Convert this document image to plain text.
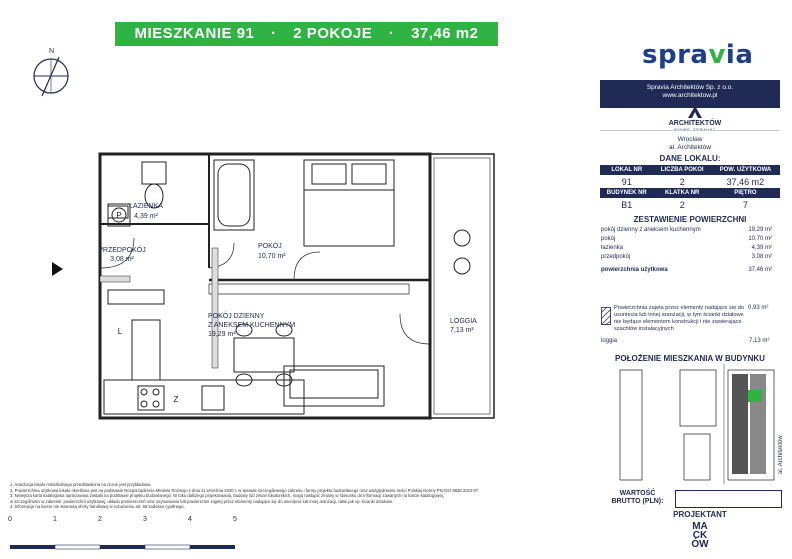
MIESZKANIE 91 · 2 POKOJE · 37,46 m2
N	spravia
Spravia Architektów Sp. z o.o.
www.architektow.pl
ARCHITEKTÓW
Wrocław
al. Architektów
DANE LOKALU:
LOKAL NR	LICZBA POKOI	POW. UŻYTKOWA
91	2	37,46 m2
BUDYNEK NR	KLATKA NR	PIĘTRO
B1	2	7
ZESTAWIENIE POWIERZCHNI
pokój dzienny z aneksem kuchennym	19,29 m²
pokój	10,70 m²
łazienka	4,39 m²
przedpokój	3,08 m²
powierzchnia użytkowa	37,46 m²
Powierzchnia zajęta przez elementy nadające się do usunięcia lub innej aranżacji, w tym ścianki działowe nie będące elementem konstrukcji i nie zawierające szachtów instalacyjnych
0,93 m²
loggia	7,13 m²
POŁOŻENIE MIESZKANIA W BUDYNKU
al. Architektów
WARTOŚĆ
BRUTTO (PLN):
PROJEKTANT
MA
CK
ÓW
ŁAZIENKA
4,39 m²
PRZEDPOKÓJ
3,08 m²
POKÓJ
10,70 m²
POKÓJ DZIENNY
Z ANEKSEM KUCHENNYM
19,29 m²
LOGGIA
7,13 m²
P
L
Z
1. Aranżacja lokalu mieszkalnego przedstawiona na rzucie jest przykładowa.
2. Powierzchnia użytkowa lokalu określona jest na podstawie Rozporządzenia Ministra Rozwoju z dnia 11 września 2020 r. w sprawie szczegółowego zakresu i formy projektu budowlanego oraz uwzględnieniu treści Polskiej Normy PN-ISO 9836:2022-07.
3. Niniejsza karta katalogowa opracowana została na podstawie projektu budowlanego. W toku dalszego projektowania, budowy lub zmian lokatorskich, mogą nastąpić zmiany w stosunku do informacji zawartych na karcie katalogowej,
w szczególności w zakresie: powierzchni użytkowej, układu pomieszczeń oraz usytuowania lub powierzchni zajętej przez elementy nadające się do usunięcia lub innej aranżacji, takie jak np. ścianki działowe.
4. Informacje na karcie nie stanowią oferty handlowej w rozumieniu art. 66 kodeksu cywilnego.
0	1	2	3	4	5
